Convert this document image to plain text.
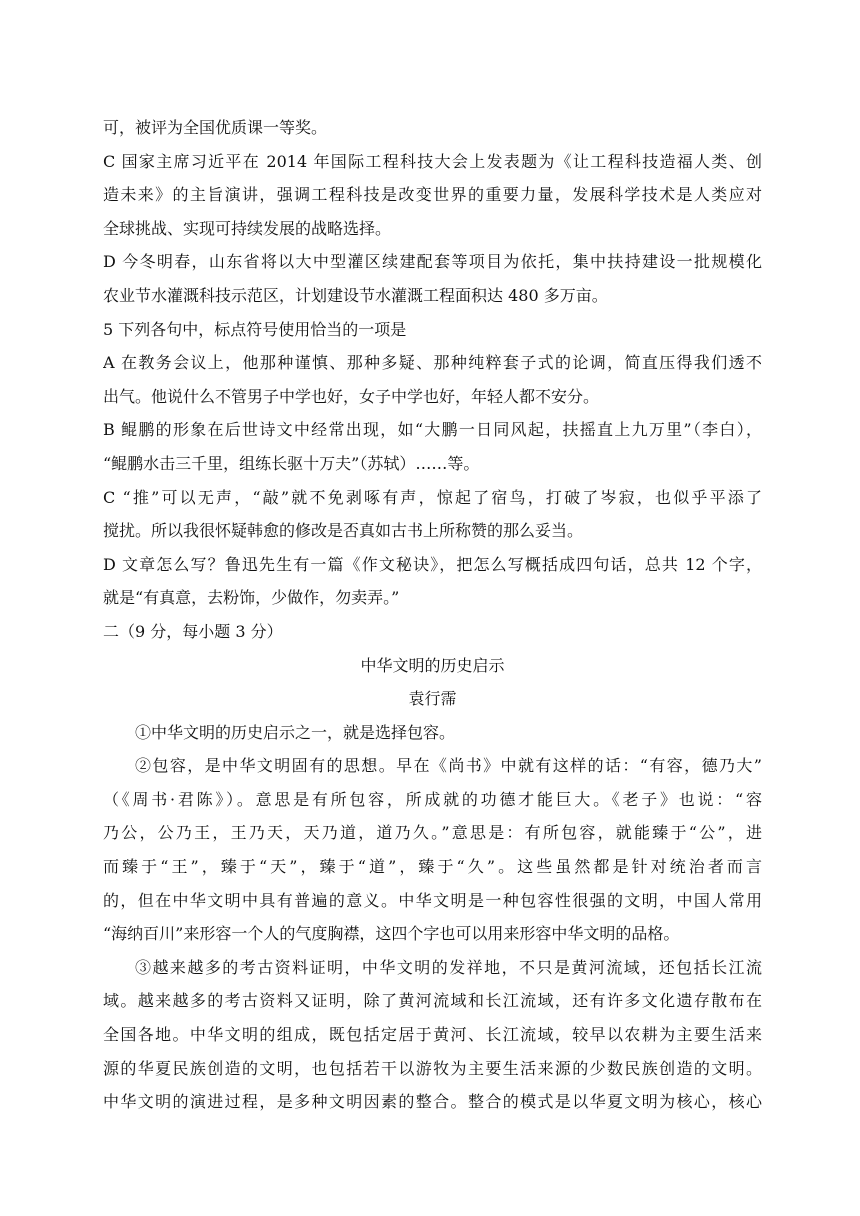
可，被评为全国优质课一等奖。
C 国家主席习近平在 2014 年国际工程科技大会上发表题为《让工程科技造福人类、创
造未来》的主旨演讲，强调工程科技是改变世界的重要力量，发展科学技术是人类应对
全球挑战、实现可持续发展的战略选择。
D 今冬明春，山东省将以大中型灌区续建配套等项目为依托，集中扶持建设一批规模化
农业节水灌溉科技示范区，计划建设节水灌溉工程面积达 480 多万亩。
5 下列各句中，标点符号使用恰当的一项是
A 在教务会议上，他那种谨慎、那种多疑、那种纯粹套子式的论调，简直压得我们透不
出气。他说什么不管男子中学也好，女子中学也好，年轻人都不安分。
B 鲲鹏的形象在后世诗文中经常出现，如“大鹏一日同风起，扶摇直上九万里”（李白），
“鲲鹏水击三千里，组练长驱十万夫”（苏轼）……等。
C “推”可以无声，“敲”就不免剥啄有声，惊起了宿鸟，打破了岑寂，也似乎平添了
搅扰。所以我很怀疑韩愈的修改是否真如古书上所称赞的那么妥当。
D 文章怎么写？鲁迅先生有一篇《作文秘诀》，把怎么写概括成四句话，总共 12 个字，
就是“有真意，去粉饰，少做作，勿卖弄。”
二（9 分，每小题 3 分）
中华文明的历史启示
袁行霈
①中华文明的历史启示之一，就是选择包容。
②包容，是中华文明固有的思想。早在《尚书》中就有这样的话：“有容，德乃大”
（《周书·君陈》）。意思是有所包容，所成就的功德才能巨大。《老子》也说：“容
乃公，公乃王，王乃天，天乃道，道乃久。”意思是：有所包容，就能臻于“公”，进
而臻于“王”，臻于“天”，臻于“道”，臻于“久”。这些虽然都是针对统治者而言
的，但在中华文明中具有普遍的意义。中华文明是一种包容性很强的文明，中国人常用
“海纳百川”来形容一个人的气度胸襟，这四个字也可以用来形容中华文明的品格。
③越来越多的考古资料证明，中华文明的发祥地，不只是黄河流域，还包括长江流
域。越来越多的考古资料又证明，除了黄河流域和长江流域，还有许多文化遗存散布在
全国各地。中华文明的组成，既包括定居于黄河、长江流域，较早以农耕为主要生活来
源的华夏民族创造的文明，也包括若干以游牧为主要生活来源的少数民族创造的文明。
中华文明的演进过程，是多种文明因素的整合。整合的模式是以华夏文明为核心，核心
